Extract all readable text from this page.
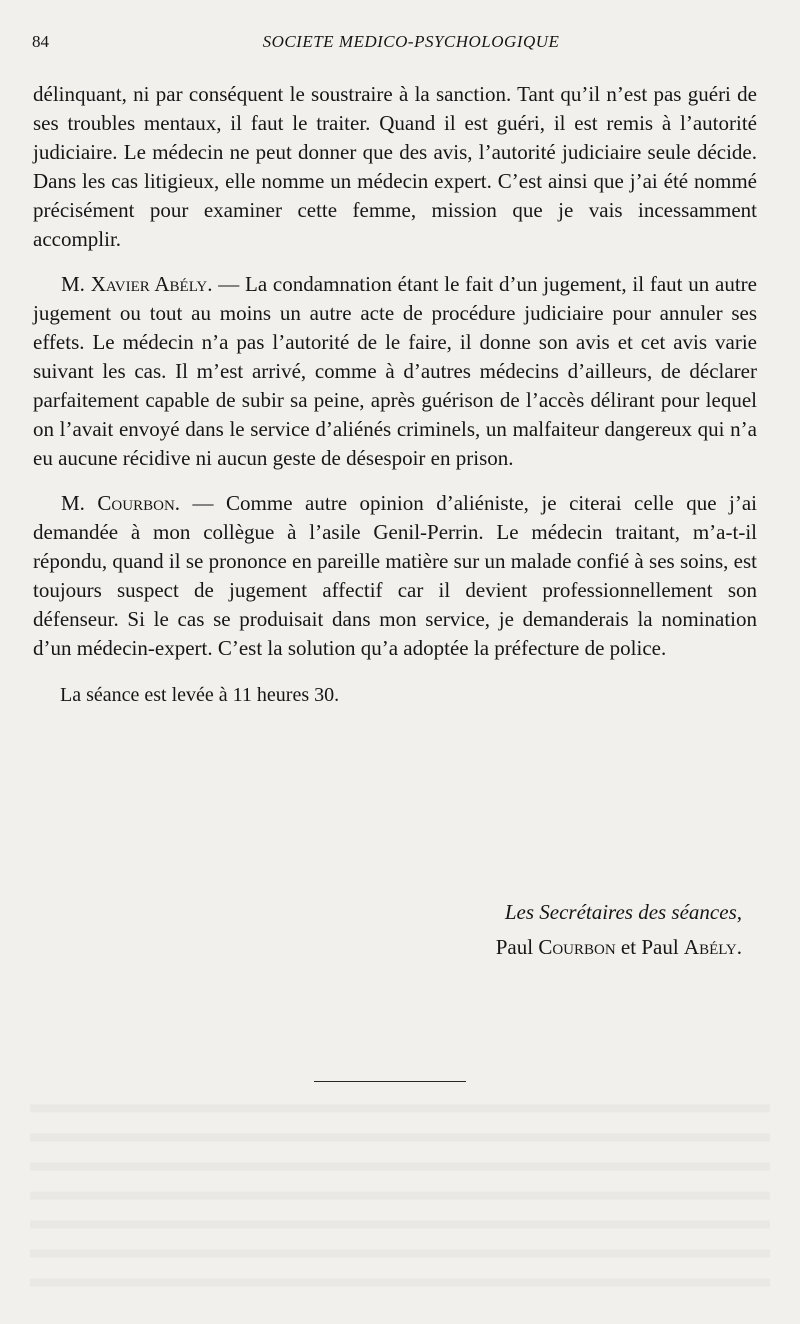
84	SOCIETE MEDICO-PSYCHOLOGIQUE

délinquant, ni par conséquent le soustraire à la sanction. Tant qu’il n’est pas guéri de ses troubles mentaux, il faut le traiter. Quand il est guéri, il est remis à l’autorité judiciaire. Le médecin ne peut donner que des avis, l’autorité judiciaire seule décide. Dans les cas litigieux, elle nomme un médecin expert. C’est ainsi que j’ai été nommé précisément pour examiner cette femme, mission que je vais incessamment accomplir.

M. Xavier Abély. — La condamnation étant le fait d’un jugement, il faut un autre jugement ou tout au moins un autre acte de procédure judiciaire pour annuler ses effets. Le médecin n’a pas l’autorité de le faire, il donne son avis et cet avis varie suivant les cas. Il m’est arrivé, comme à d’autres médecins d’ailleurs, de déclarer parfaitement capable de subir sa peine, après guérison de l’accès délirant pour lequel on l’avait envoyé dans le service d’aliénés criminels, un malfaiteur dangereux qui n’a eu aucune récidive ni aucun geste de désespoir en prison.

M. Courbon. — Comme autre opinion d’aliéniste, je citerai celle que j’ai demandée à mon collègue à l’asile Genil-Perrin. Le médecin traitant, m’a-t-il répondu, quand il se prononce en pareille matière sur un malade confié à ses soins, est toujours suspect de jugement affectif car il devient professionnellement son défenseur. Si le cas se produisait dans mon service, je demanderais la nomination d’un médecin-expert. C’est la solution qu’a adoptée la préfecture de police.

La séance est levée à 11 heures 30.

Les Secrétaires des séances,
Paul Courbon et Paul Abély.
